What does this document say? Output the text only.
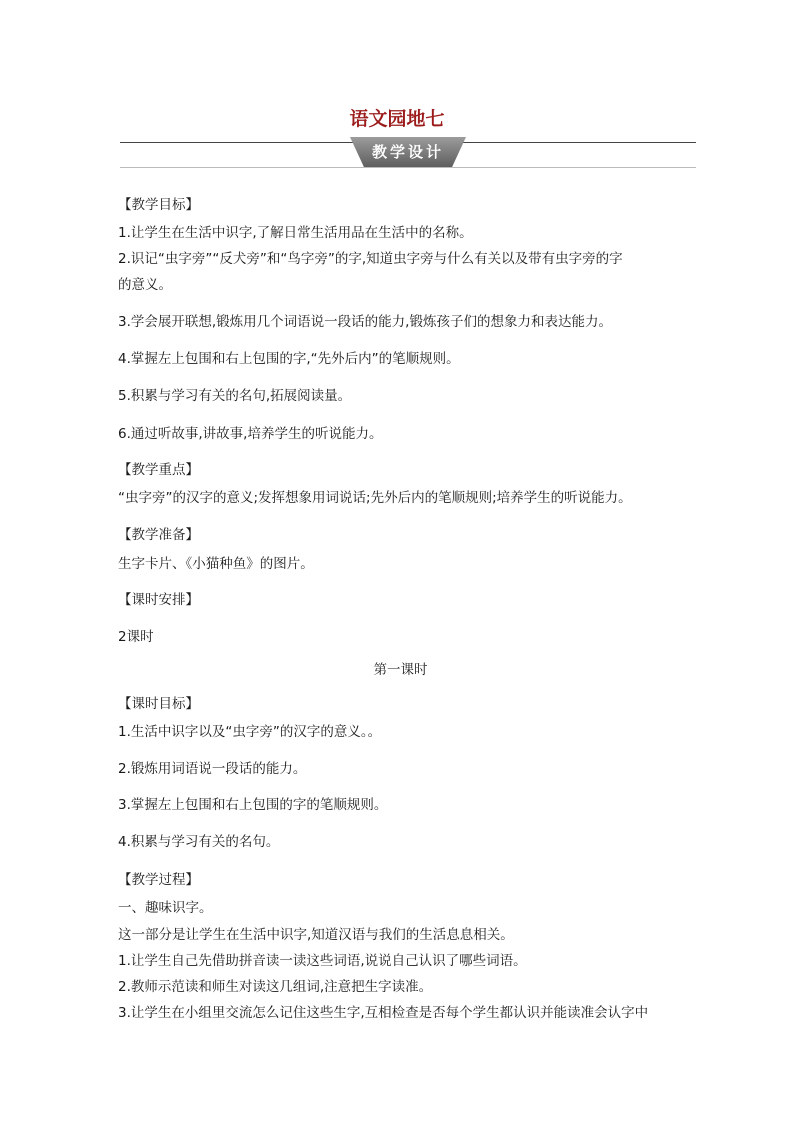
语文园地七
教学设计
【教学目标】
1.让学生在生活中识字,了解日常生活用品在生活中的名称。
2.识记“虫字旁”“反犬旁”和“鸟字旁”的字,知道虫字旁与什么有关以及带有虫字旁的字
的意义。
3.学会展开联想,锻炼用几个词语说一段话的能力,锻炼孩子们的想象力和表达能力。
4.掌握左上包围和右上包围的字,“先外后内”的笔顺规则。
5.积累与学习有关的名句,拓展阅读量。
6.通过听故事,讲故事,培养学生的听说能力。
【教学重点】
“虫字旁”的汉字的意义;发挥想象用词说话;先外后内的笔顺规则;培养学生的听说能力。
【教学准备】
生字卡片、《小猫种鱼》的图片。
【课时安排】
2课时
第一课时
【课时目标】
1.生活中识字以及“虫字旁”的汉字的意义。。
2.锻炼用词语说一段话的能力。
3.掌握左上包围和右上包围的字的笔顺规则。
4.积累与学习有关的名句。
【教学过程】
一、趣味识字。
这一部分是让学生在生活中识字,知道汉语与我们的生活息息相关。
1.让学生自己先借助拼音读一读这些词语,说说自己认识了哪些词语。
2.教师示范读和师生对读这几组词,注意把生字读准。
3.让学生在小组里交流怎么记住这些生字,互相检查是否每个学生都认识并能读准会认字中
